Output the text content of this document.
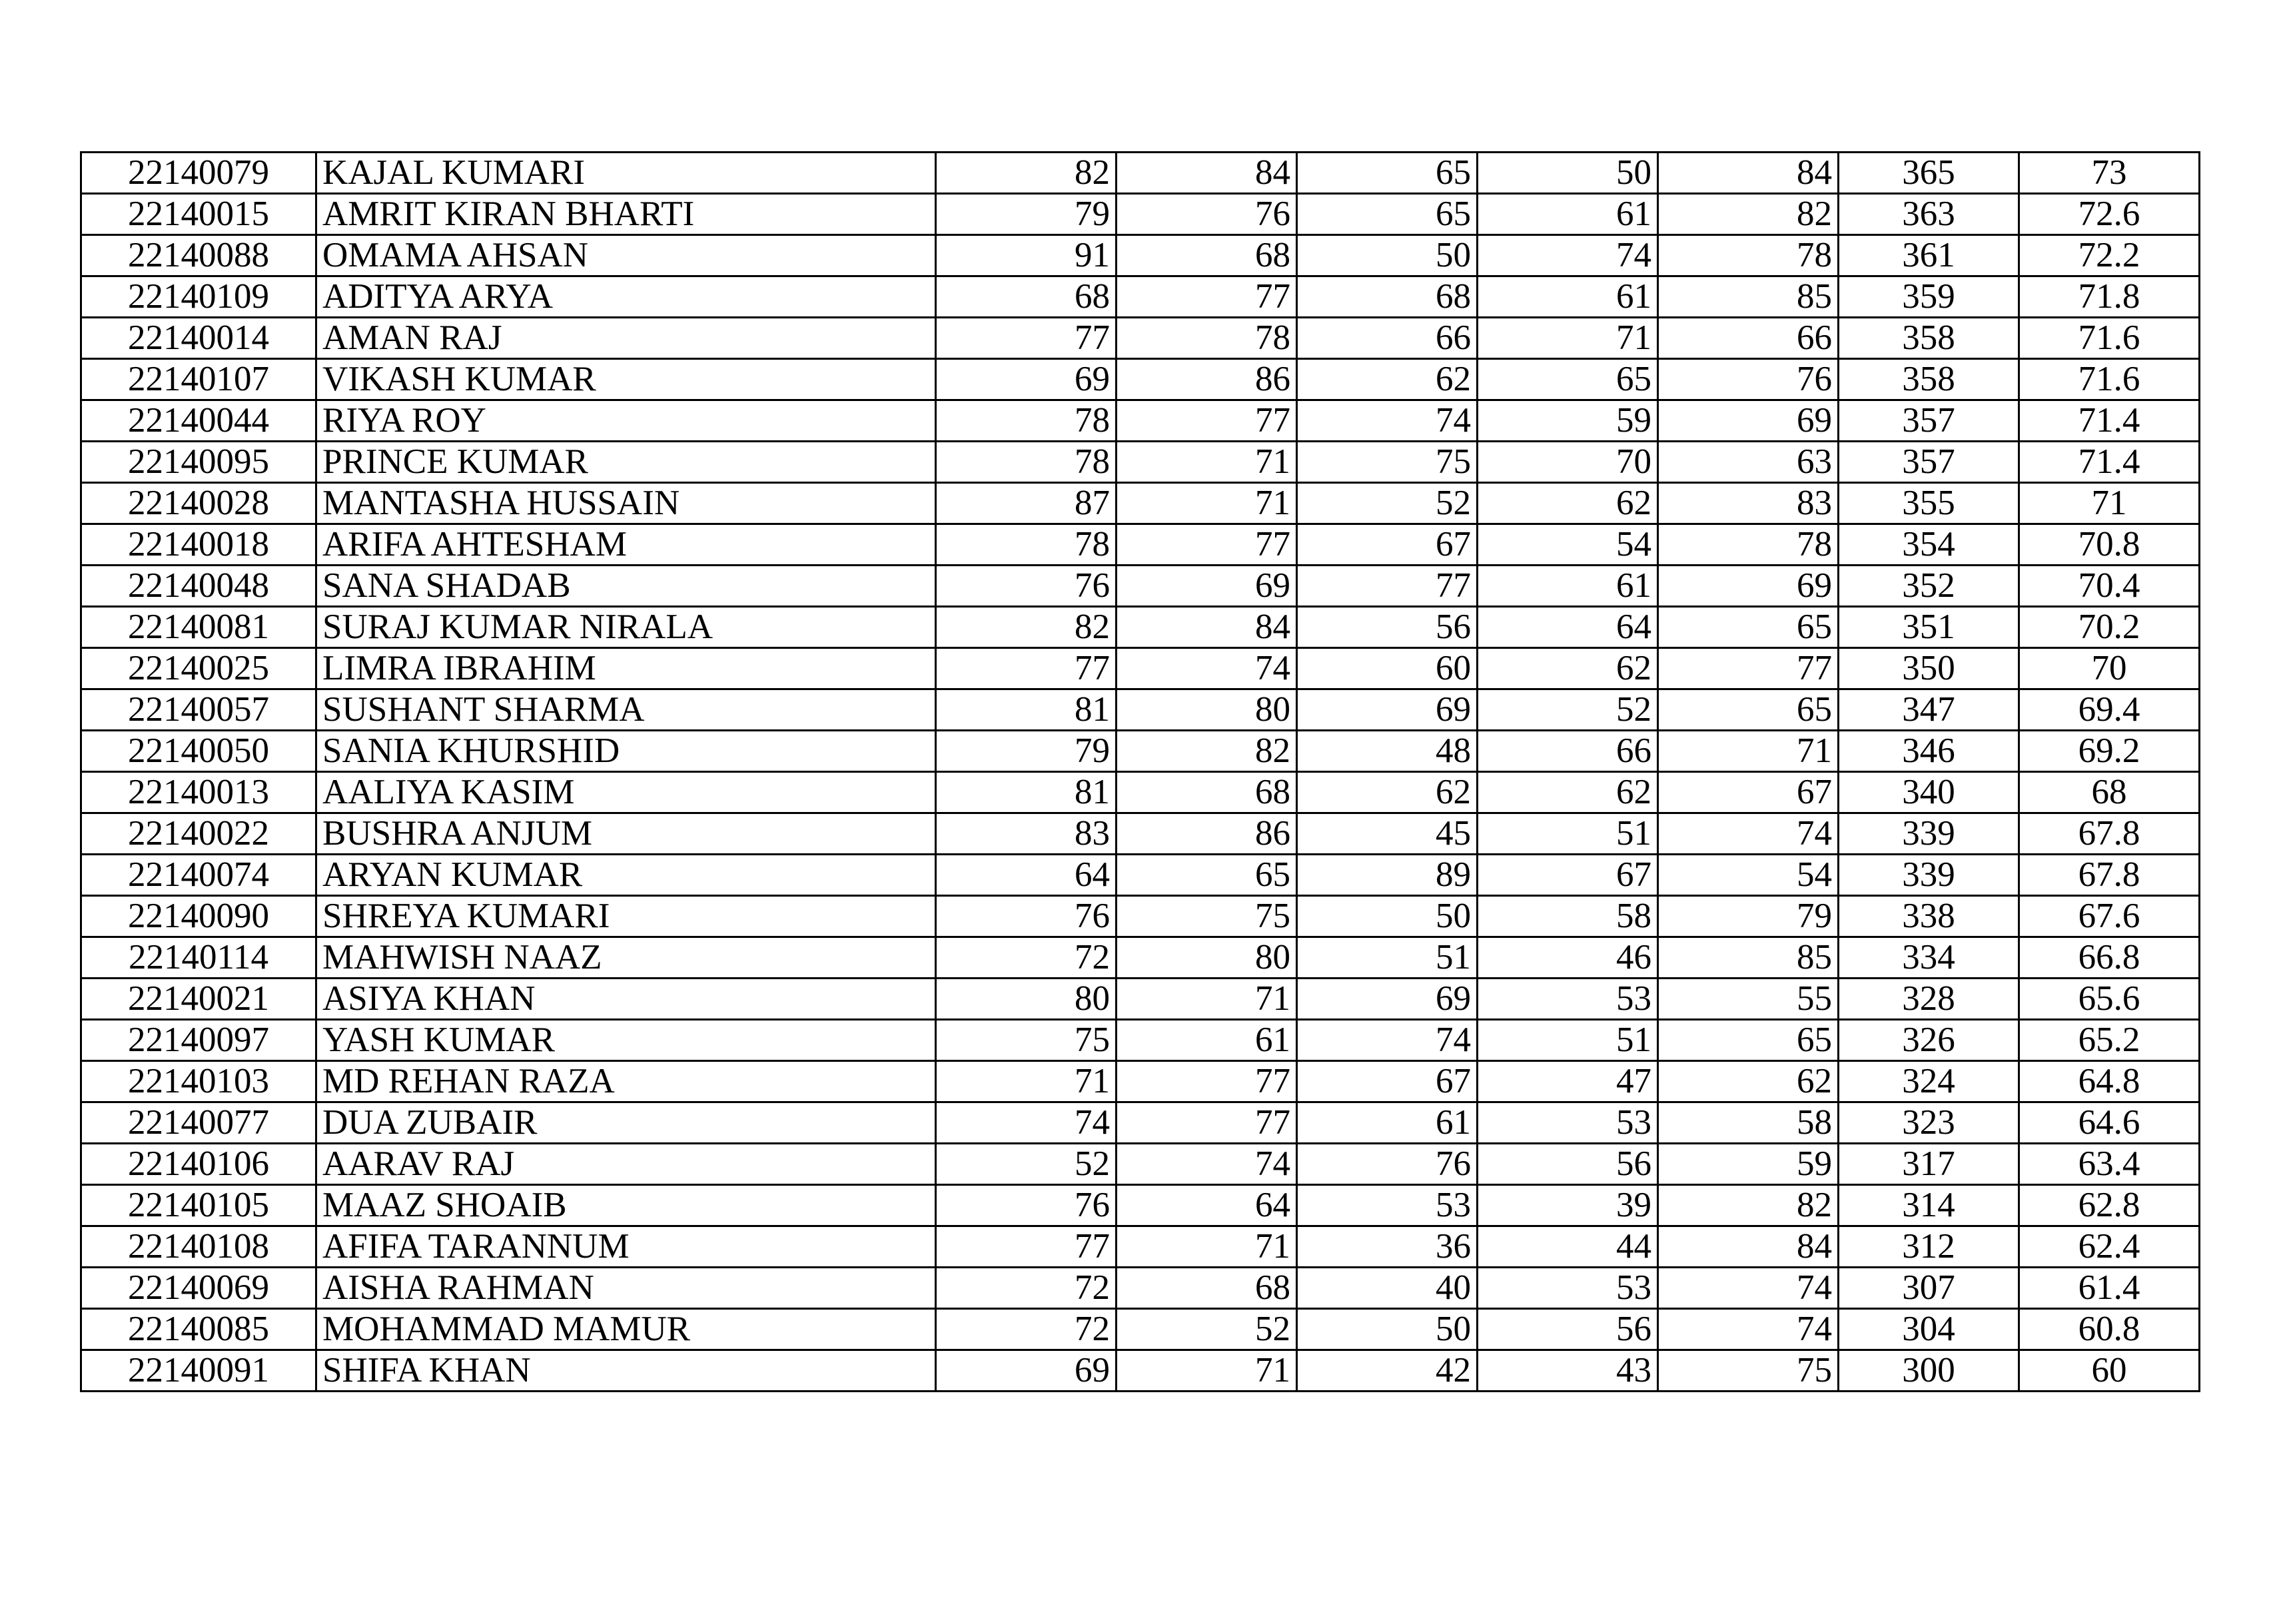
22140079	KAJAL KUMARI	82	84	65	50	84	365	73
22140015	AMRIT KIRAN BHARTI	79	76	65	61	82	363	72.6
22140088	OMAMA AHSAN	91	68	50	74	78	361	72.2
22140109	ADITYA ARYA	68	77	68	61	85	359	71.8
22140014	AMAN RAJ	77	78	66	71	66	358	71.6
22140107	VIKASH KUMAR	69	86	62	65	76	358	71.6
22140044	RIYA ROY	78	77	74	59	69	357	71.4
22140095	PRINCE KUMAR	78	71	75	70	63	357	71.4
22140028	MANTASHA HUSSAIN	87	71	52	62	83	355	71
22140018	ARIFA AHTESHAM	78	77	67	54	78	354	70.8
22140048	SANA SHADAB	76	69	77	61	69	352	70.4
22140081	SURAJ KUMAR NIRALA	82	84	56	64	65	351	70.2
22140025	LIMRA IBRAHIM	77	74	60	62	77	350	70
22140057	SUSHANT SHARMA	81	80	69	52	65	347	69.4
22140050	SANIA KHURSHID	79	82	48	66	71	346	69.2
22140013	AALIYA KASIM	81	68	62	62	67	340	68
22140022	BUSHRA ANJUM	83	86	45	51	74	339	67.8
22140074	ARYAN KUMAR	64	65	89	67	54	339	67.8
22140090	SHREYA KUMARI	76	75	50	58	79	338	67.6
22140114	MAHWISH NAAZ	72	80	51	46	85	334	66.8
22140021	ASIYA KHAN	80	71	69	53	55	328	65.6
22140097	YASH KUMAR	75	61	74	51	65	326	65.2
22140103	MD REHAN RAZA	71	77	67	47	62	324	64.8
22140077	DUA ZUBAIR	74	77	61	53	58	323	64.6
22140106	AARAV RAJ	52	74	76	56	59	317	63.4
22140105	MAAZ SHOAIB	76	64	53	39	82	314	62.8
22140108	AFIFA TARANNUM	77	71	36	44	84	312	62.4
22140069	AISHA RAHMAN	72	68	40	53	74	307	61.4
22140085	MOHAMMAD MAMUR	72	52	50	56	74	304	60.8
22140091	SHIFA KHAN	69	71	42	43	75	300	60
